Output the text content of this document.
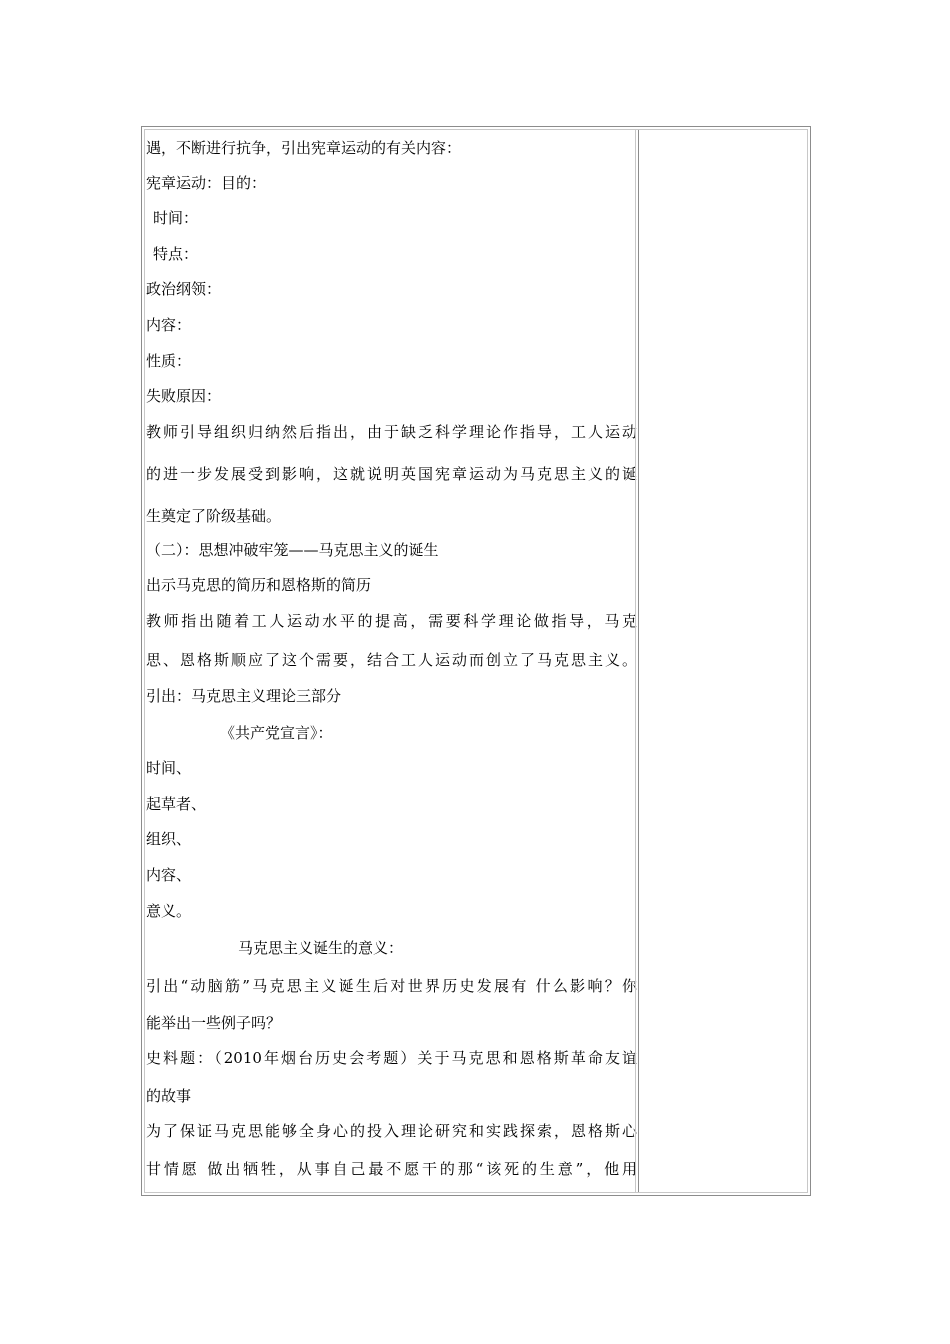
遇，不断进行抗争，引出宪章运动的有关内容：
宪章运动：目的：
时间：
特点：
政治纲领：
内容：
性质：
失败原因：
教师引导组织归纳然后指出，由于缺乏科学理论作指导，工人运动
的进一步发展受到影响，这就说明英国宪章运动为马克思主义的诞
生奠定了阶级基础。
（二）：思想冲破牢笼——马克思主义的诞生
出示马克思的简历和恩格斯的简历
教师指出随着工人运动水平的提高，需要科学理论做指导，马克
思、恩格斯顺应了这个需要，结合工人运动而创立了马克思主义。
引出：马克思主义理论三部分
《共产党宣言》：
时间、
起草者、
组织、
内容、
意义。
马克思主义诞生的意义：
引出“动脑筋”马克思主义诞生后对世界历史发展有 什么影响？你
能举出一些例子吗？
史料题：（2010年烟台历史会考题）关于马克思和恩格斯革命友谊
的故事
为了保证马克思能够全身心的投入理论研究和实践探索，恩格斯心
甘情愿 做出牺牲，从事自己最不愿干的那“该死的生意”，他用
